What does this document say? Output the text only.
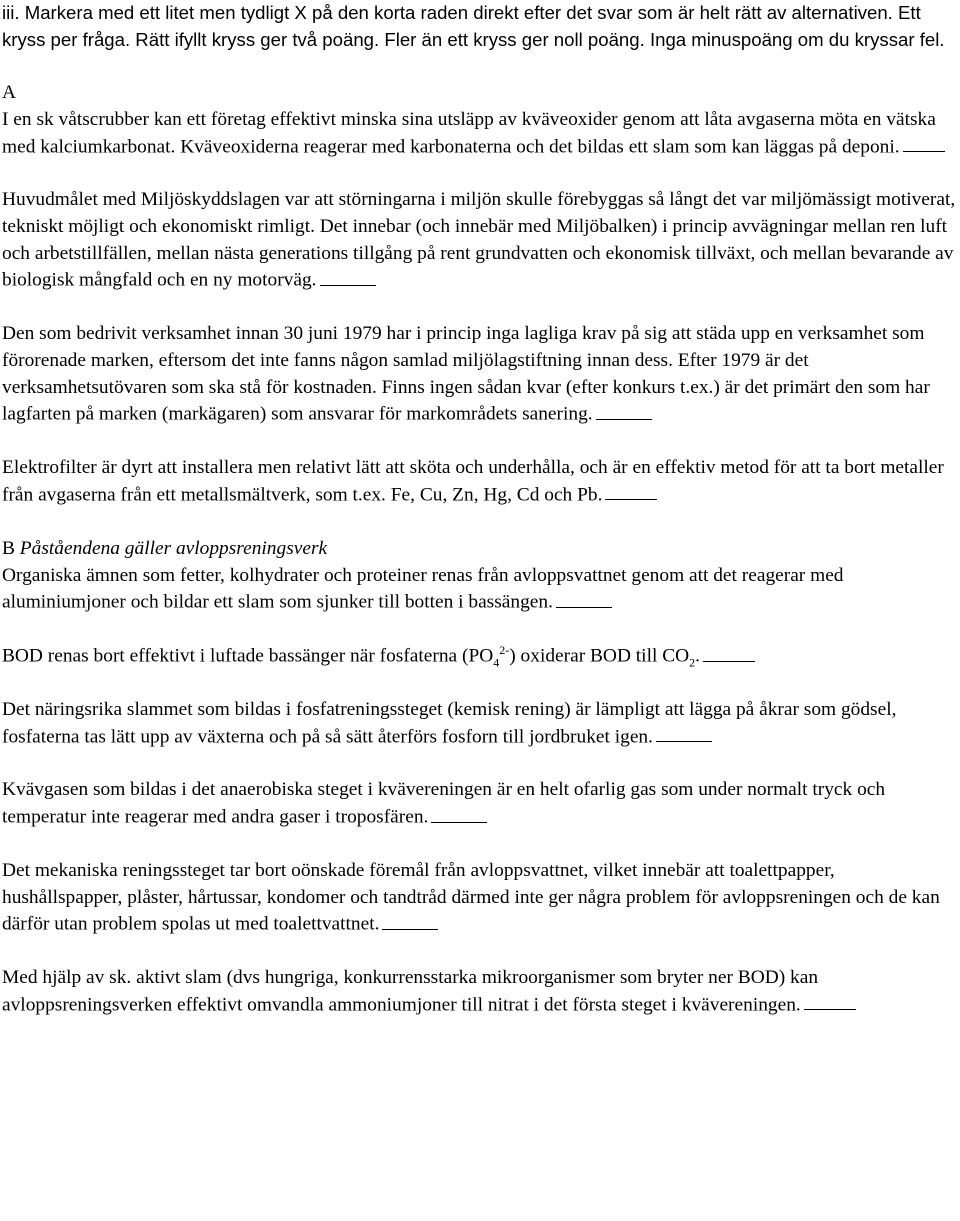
iii. Markera med ett litet men tydligt X på den korta raden direkt efter det svar som är helt rätt av alternativen. Ett kryss per fråga. Rätt ifyllt kryss ger två poäng. Fler än ett kryss ger noll poäng. Inga minuspoäng om du kryssar fel.

A
I en sk våtscrubber kan ett företag effektivt minska sina utsläpp av kväveoxider genom att låta avgaserna möta en vätska med kalciumkarbonat. Kväveoxiderna reagerar med karbonaterna och det bildas ett slam som kan läggas på deponi.

Huvudmålet med Miljöskyddslagen var att störningarna i miljön skulle förebyggas så långt det var miljömässigt motiverat, tekniskt möjligt och ekonomiskt rimligt. Det innebar (och innebär med Miljöbalken) i princip avvägningar mellan ren luft och arbetstillfällen, mellan nästa generations tillgång på rent grundvatten och ekonomisk tillväxt, och mellan bevarande av biologisk mångfald och en ny motorväg.

Den som bedrivit verksamhet innan 30 juni 1979 har i princip inga lagliga krav på sig att städa upp en verksamhet som förorenade marken, eftersom det inte fanns någon samlad miljölagstiftning innan dess. Efter 1979 är det verksamhetsutövaren som ska stå för kostnaden. Finns ingen sådan kvar (efter konkurs t.ex.) är det primärt den som har lagfarten på marken (markägaren) som ansvarar för markområdets sanering.

Elektrofilter är dyrt att installera men relativt lätt att sköta och underhålla, och är en effektiv metod för att ta bort metaller från avgaserna från ett metallsmältverk, som t.ex. Fe, Cu, Zn, Hg, Cd och Pb.

B Påståendena gäller avloppsreningsverk
Organiska ämnen som fetter, kolhydrater och proteiner renas från avloppsvattnet genom att det reagerar med aluminiumjoner och bildar ett slam som sjunker till botten i bassängen.

BOD renas bort effektivt i luftade bassänger när fosfaterna $(PO_4^{2-})$ oxiderar BOD till $CO_2$.

Det näringsrika slammet som bildas i fosfatreningssteget (kemisk rening) är lämpligt att lägga på åkrar som gödsel, fosfaterna tas lätt upp av växterna och på så sätt återförs fosforn till jordbruket igen.

Kvävgasen som bildas i det anaerobiska steget i kvävereningen är en helt ofarlig gas som under normalt tryck och temperatur inte reagerar med andra gaser i troposfären.

Det mekaniska reningssteget tar bort oönskade föremål från avloppsvattnet, vilket innebär att toalettpapper, hushållspapper, plåster, hårtussar, kondomer och tandtråd därmed inte ger några problem för avloppsreningen och de kan därför utan problem spolas ut med toalettvattnet.

Med hjälp av sk. aktivt slam (dvs hungriga, konkurrensstarka mikroorganismer som bryter ner BOD) kan avloppsreningsverken effektivt omvandla ammoniumjoner till nitrat i det första steget i kvävereningen.
